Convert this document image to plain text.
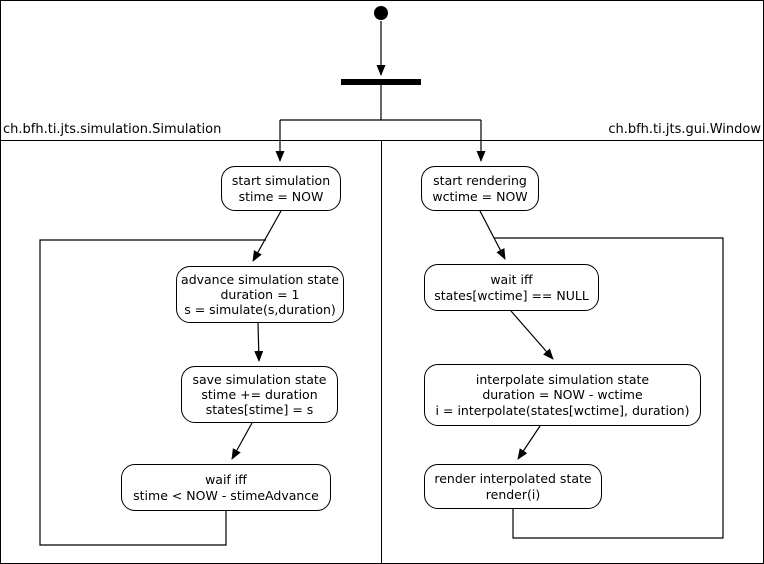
ch.bfh.ti.jts.simulation.Simulation	ch.bfh.ti.jts.gui.Window
start simulation
stime = NOW
advance simulation state
duration = 1
s = simulate(s,duration)
save simulation state
stime += duration
states[stime] = s
waif iff
stime < NOW - stimeAdvance
start rendering
wctime = NOW
wait iff
states[wctime] == NULL
interpolate simulation state
duration = NOW - wctime
i = interpolate(states[wctime], duration)
render interpolated state
render(i)
